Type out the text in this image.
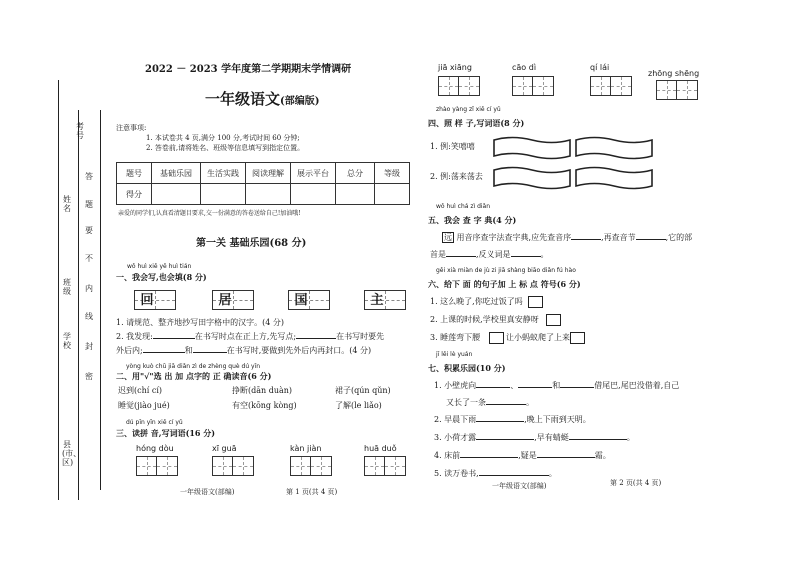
考号
姓名
班级
学校
县(市、区)
答
题
要
不
内
线
封
密
2022 － 2023 学年度第二学期期末学情调研
一年级语文(部编版)
注意事项:
1. 本试卷共 4 页,满分 100 分,考试时间 60 分钟;
2. 答卷前,请将姓名、班级等信息填写到指定位置。
题号	基础乐园	生活实践	阅读理解	展示平台	总分	等级
得分						
亲爱的同学们,认真看清题目要求,交一份满意的答卷送给自己!加油哦!
第一关 基础乐园(68 分)
wǒ huì xiě yě huì tián
一、我会写,也会填(8 分)
回	居	国	主
1. 请规范、整齐地抄写田字格中的汉字。(4 分)
2. 我发现:	在书写时点在正上方,先写点;	在书写时要先
外后内;	和	在书写时,要做到先外后内再封口。(4 分)
yòng kuò chū jiā diǎn zì de zhèng què dú yīn
二、用"√"选 出 加 点字的 正 确读音(6 分)
迟到(chí cí)	挣断(dān duàn)	裙子(qún qǔn)
睡觉(jiào jué)	有空(kōng kòng)	了解(le liǎo)
dú pīn yīn xiě cí yǔ
三、读拼 音,写词语(16 分)
hóng dòu	xī guā	kàn jiàn	huā duǒ
一年级语文(部编)	第 1 页(共 4 页)
jiā xiāng	cāo dì	qí lái
zhōng shēng
zhào yàng zǐ xiě cí yǔ
四、照 样 子,写词语(8 分)
1. 例:笑嘻嘻
2. 例:荡来荡去
wǒ huì chá zì diǎn
五、我会 查 字 典(4 分)
远 用音序查字法查字典,应先查音序	,再查音节	,它的部
首是	,反义词是	。
gěi xià miàn de jù zi jiā shàng biāo diǎn fú hào
六、给下 面 的句子加 上 标 点 符号(6 分)
1. 这么晚了,你吃过饭了吗
2. 上课的时候,学校里真安静呀
3. 睡莲弯下腰	让小蚂蚁爬了上来
jī lěi lè yuán
七、积累乐园(10 分)
1. 小壁虎向	、	和	借尾巴,尾巴没借着,自己
又长了一条	。
2. 早晨下雨	,晚上下雨到天明。
3. 小荷才露	,早有蜻蜓	。
4. 床前	,疑是	霜。
5. 读万卷书,	。
一年级语文(部编)	第 2 页(共 4 页)
